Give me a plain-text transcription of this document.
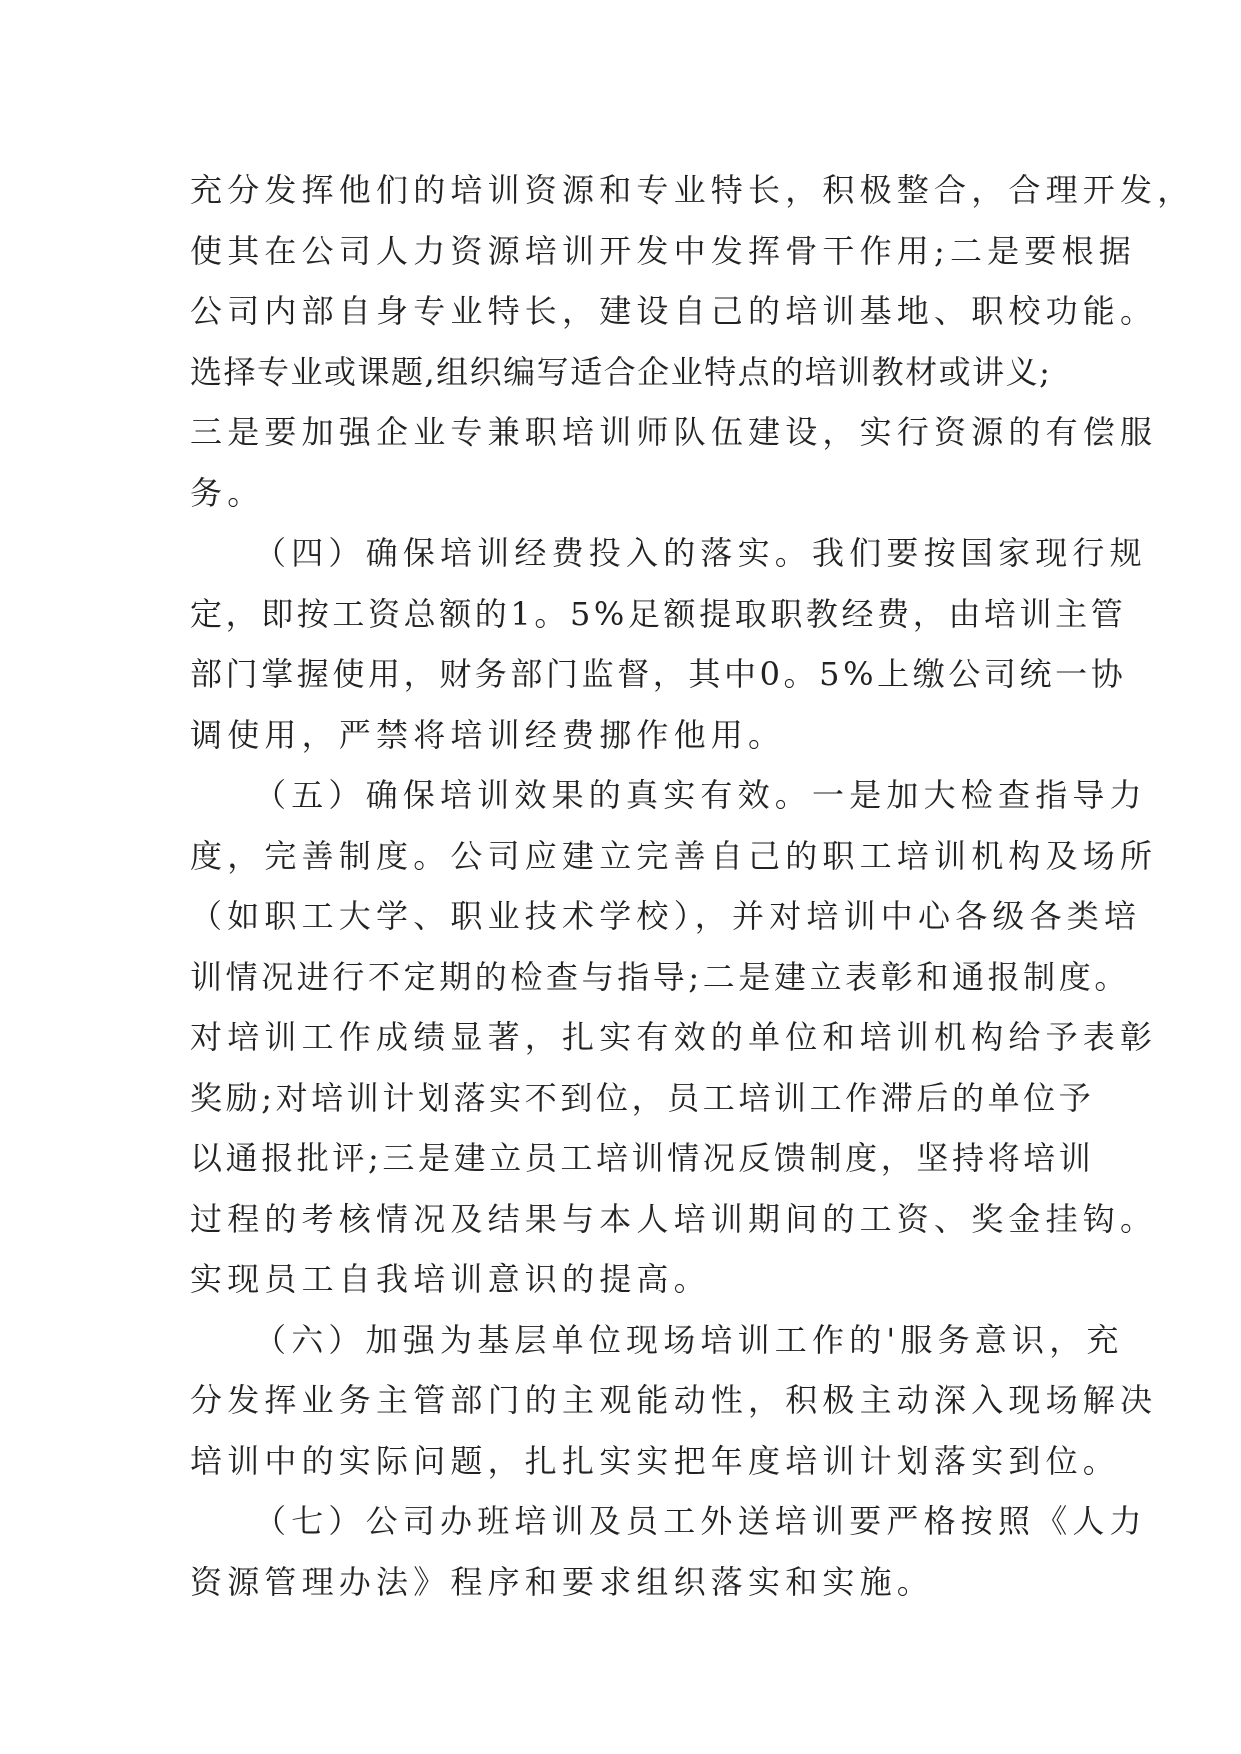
充分发挥他们的培训资源和专业特长，积极整合，合理开发，
使其在公司人力资源培训开发中发挥骨干作用;二是要根据
公司内部自身专业特长，建设自己的培训基地、职校功能。
选择专业或课题,组织编写适合企业特点的培训教材或讲义;
三是要加强企业专兼职培训师队伍建设，实行资源的有偿服
务。
（四）确保培训经费投入的落实。我们要按国家现行规
定，即按工资总额的1。5%足额提取职教经费，由培训主管
部门掌握使用，财务部门监督，其中0。5%上缴公司统一协
调使用，严禁将培训经费挪作他用。
（五）确保培训效果的真实有效。一是加大检查指导力
度，完善制度。公司应建立完善自己的职工培训机构及场所
（如职工大学、职业技术学校），并对培训中心各级各类培
训情况进行不定期的检查与指导;二是建立表彰和通报制度。
对培训工作成绩显著，扎实有效的单位和培训机构给予表彰
奖励;对培训计划落实不到位，员工培训工作滞后的单位予
以通报批评;三是建立员工培训情况反馈制度，坚持将培训
过程的考核情况及结果与本人培训期间的工资、奖金挂钩。
实现员工自我培训意识的提高。
（六）加强为基层单位现场培训工作的'服务意识，充
分发挥业务主管部门的主观能动性，积极主动深入现场解决
培训中的实际问题，扎扎实实把年度培训计划落实到位。
（七）公司办班培训及员工外送培训要严格按照《人力
资源管理办法》程序和要求组织落实和实施。
